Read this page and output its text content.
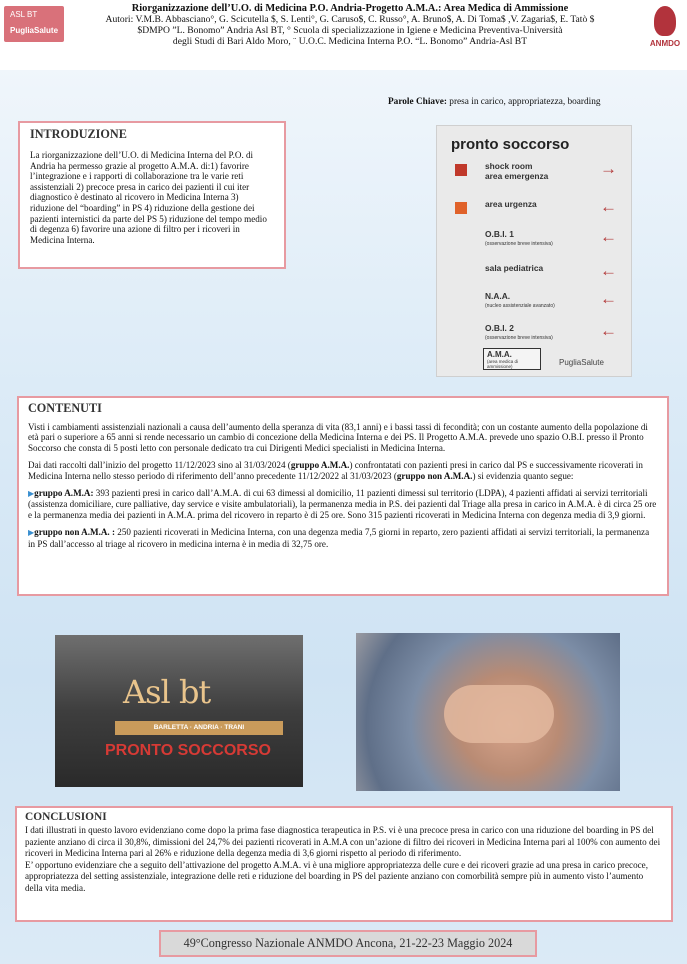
ASL BT
PugliaSalute
Riorganizzazione dell’U.O. di Medicina P.O. Andria-Progetto A.M.A.: Area Medica di Ammissione
Autori: V.M.B. Abbasciano°, G. Scicutella $, S. Lenti°, G. Caruso$, C. Russo°, A. Bruno$, A. Di Toma$ ,V. Zagaria$, E. Tatò $
$DMPO ”L. Bonomo” Andria Asl BT, ° Scuola di specializzazione in Igiene e Medicina Preventiva-Università
degli Studi di Bari Aldo Moro, ¨ U.O.C. Medicina Interna P.O. “L. Bonomo” Andria-Asl BT	ANMDO
Parole Chiave: presa in carico, appropriatezza, boarding
INTRODUZIONE

La riorganizzazione dell’U.O. di Medicina Interna del P.O. di Andria ha permesso grazie al progetto A.M.A. di:1) favorire l’integrazione e i rapporti di collaborazione tra le varie reti assistenziali 2) precoce presa in carico dei pazienti il cui iter diagnostico è destinato al ricovero in Medicina Interna 3) riduzione del “boarding” in PS 4) riduzione della gestione dei pazienti internistici da parte del PS 5) riduzione del tempo medio di degenza 6) favorire una azione di filtro per i ricoveri in Medicina Interna.

pronto soccorso
shock room
area emergenza	→
area urgenza	←
O.B.I. 1
(osservazione breve intensiva)	←
sala pediatrica	←
N.A.A.
(nucleo assistenziale avanzato)	←
O.B.I. 2
(osservazione breve intensiva)	←
A.M.A.
(area medica di ammissione)	PugliaSalute
CONTENUTI

Visti i cambiamenti assistenziali nazionali a causa dell’aumento della speranza di vita (83,1 anni) e i bassi tassi di fecondità; con un costante aumento della popolazione di età pari o superiore a 65 anni si rende necessario un cambio di concezione della Medicina Interna e dei PS. Il Progetto A.M.A. prevede uno spazio O.B.I. presso il Pronto Soccorso che consta di 5 posti letto con personale dedicato tra cui Dirigenti Medici specialisti in Medicina Interna.

Dai dati raccolti dall’inizio del progetto 11/12/2023 sino al 31/03/2024 (gruppo A.M.A.) confrontatati con pazienti presi in carico dal PS e successivamente ricoverati in Medicina Interna nello stesso periodo di riferimento dell’anno precedente 11/12/2022 al 31/03/2023 (gruppo non A.M.A.) si evidenzia quanto segue:

▶gruppo A.M.A: 393 pazienti presi in carico dall’A.M.A. di cui 63 dimessi al domicilio, 11 pazienti dimessi sul territorio (LDPA), 4 pazienti affidati ai servizi territoriali (assistenza domiciliare, cure palliative, day service e visite ambulatoriali), la permanenza media in P.S. dei pazienti dal Triage alla presa in carico in A.M.A. è di circa 25 ore e la permanenza media dei pazienti in A.M.A. prima del ricovero in reparto è di 25 ore. Sono 315 pazienti ricoverati in Medicina Interna con degenza media di 3,9 giorni.

▶gruppo non A.M.A. : 250 pazienti ricoverati in Medicina Interna, con una degenza media 7,5 giorni in reparto, zero pazienti affidati ai servizi territoriali, la permanenza in PS dall’accesso al triage al ricovero in medicina interna è in media di 32,75 ore.

Asl bt
BARLETTA · ANDRIA · TRANI
PRONTO SOCCORSO
CONCLUSIONI

I dati illustrati in questo lavoro evidenziano come dopo la prima fase diagnostica terapeutica in P.S. vi è una precoce presa in carico con una riduzione del boarding in PS del paziente anziano di circa il 30,8%, dimissioni del 24,7% dei pazienti ricoverati in A.M.A con un’azione di filtro dei ricoveri in Medicina Interna pari al 100% con aumento dei ricoveri in Medicina Interna pari al 26% e riduzione della degenza media di 3,6 giorni rispetto al periodo di riferimento.

E’ opportuno evidenziare che a seguito dell’attivazione del progetto A.M.A. vi è una migliore appropriatezza delle cure e dei ricoveri grazie ad una presa in carico precoce, appropriatezza del setting assistenziale, integrazione delle reti e riduzione del boarding in PS del paziente anziano con comorbilità sempre più in aumento visto l’aumento della vita media.

49°Congresso Nazionale ANMDO Ancona, 21-22-23 Maggio 2024
